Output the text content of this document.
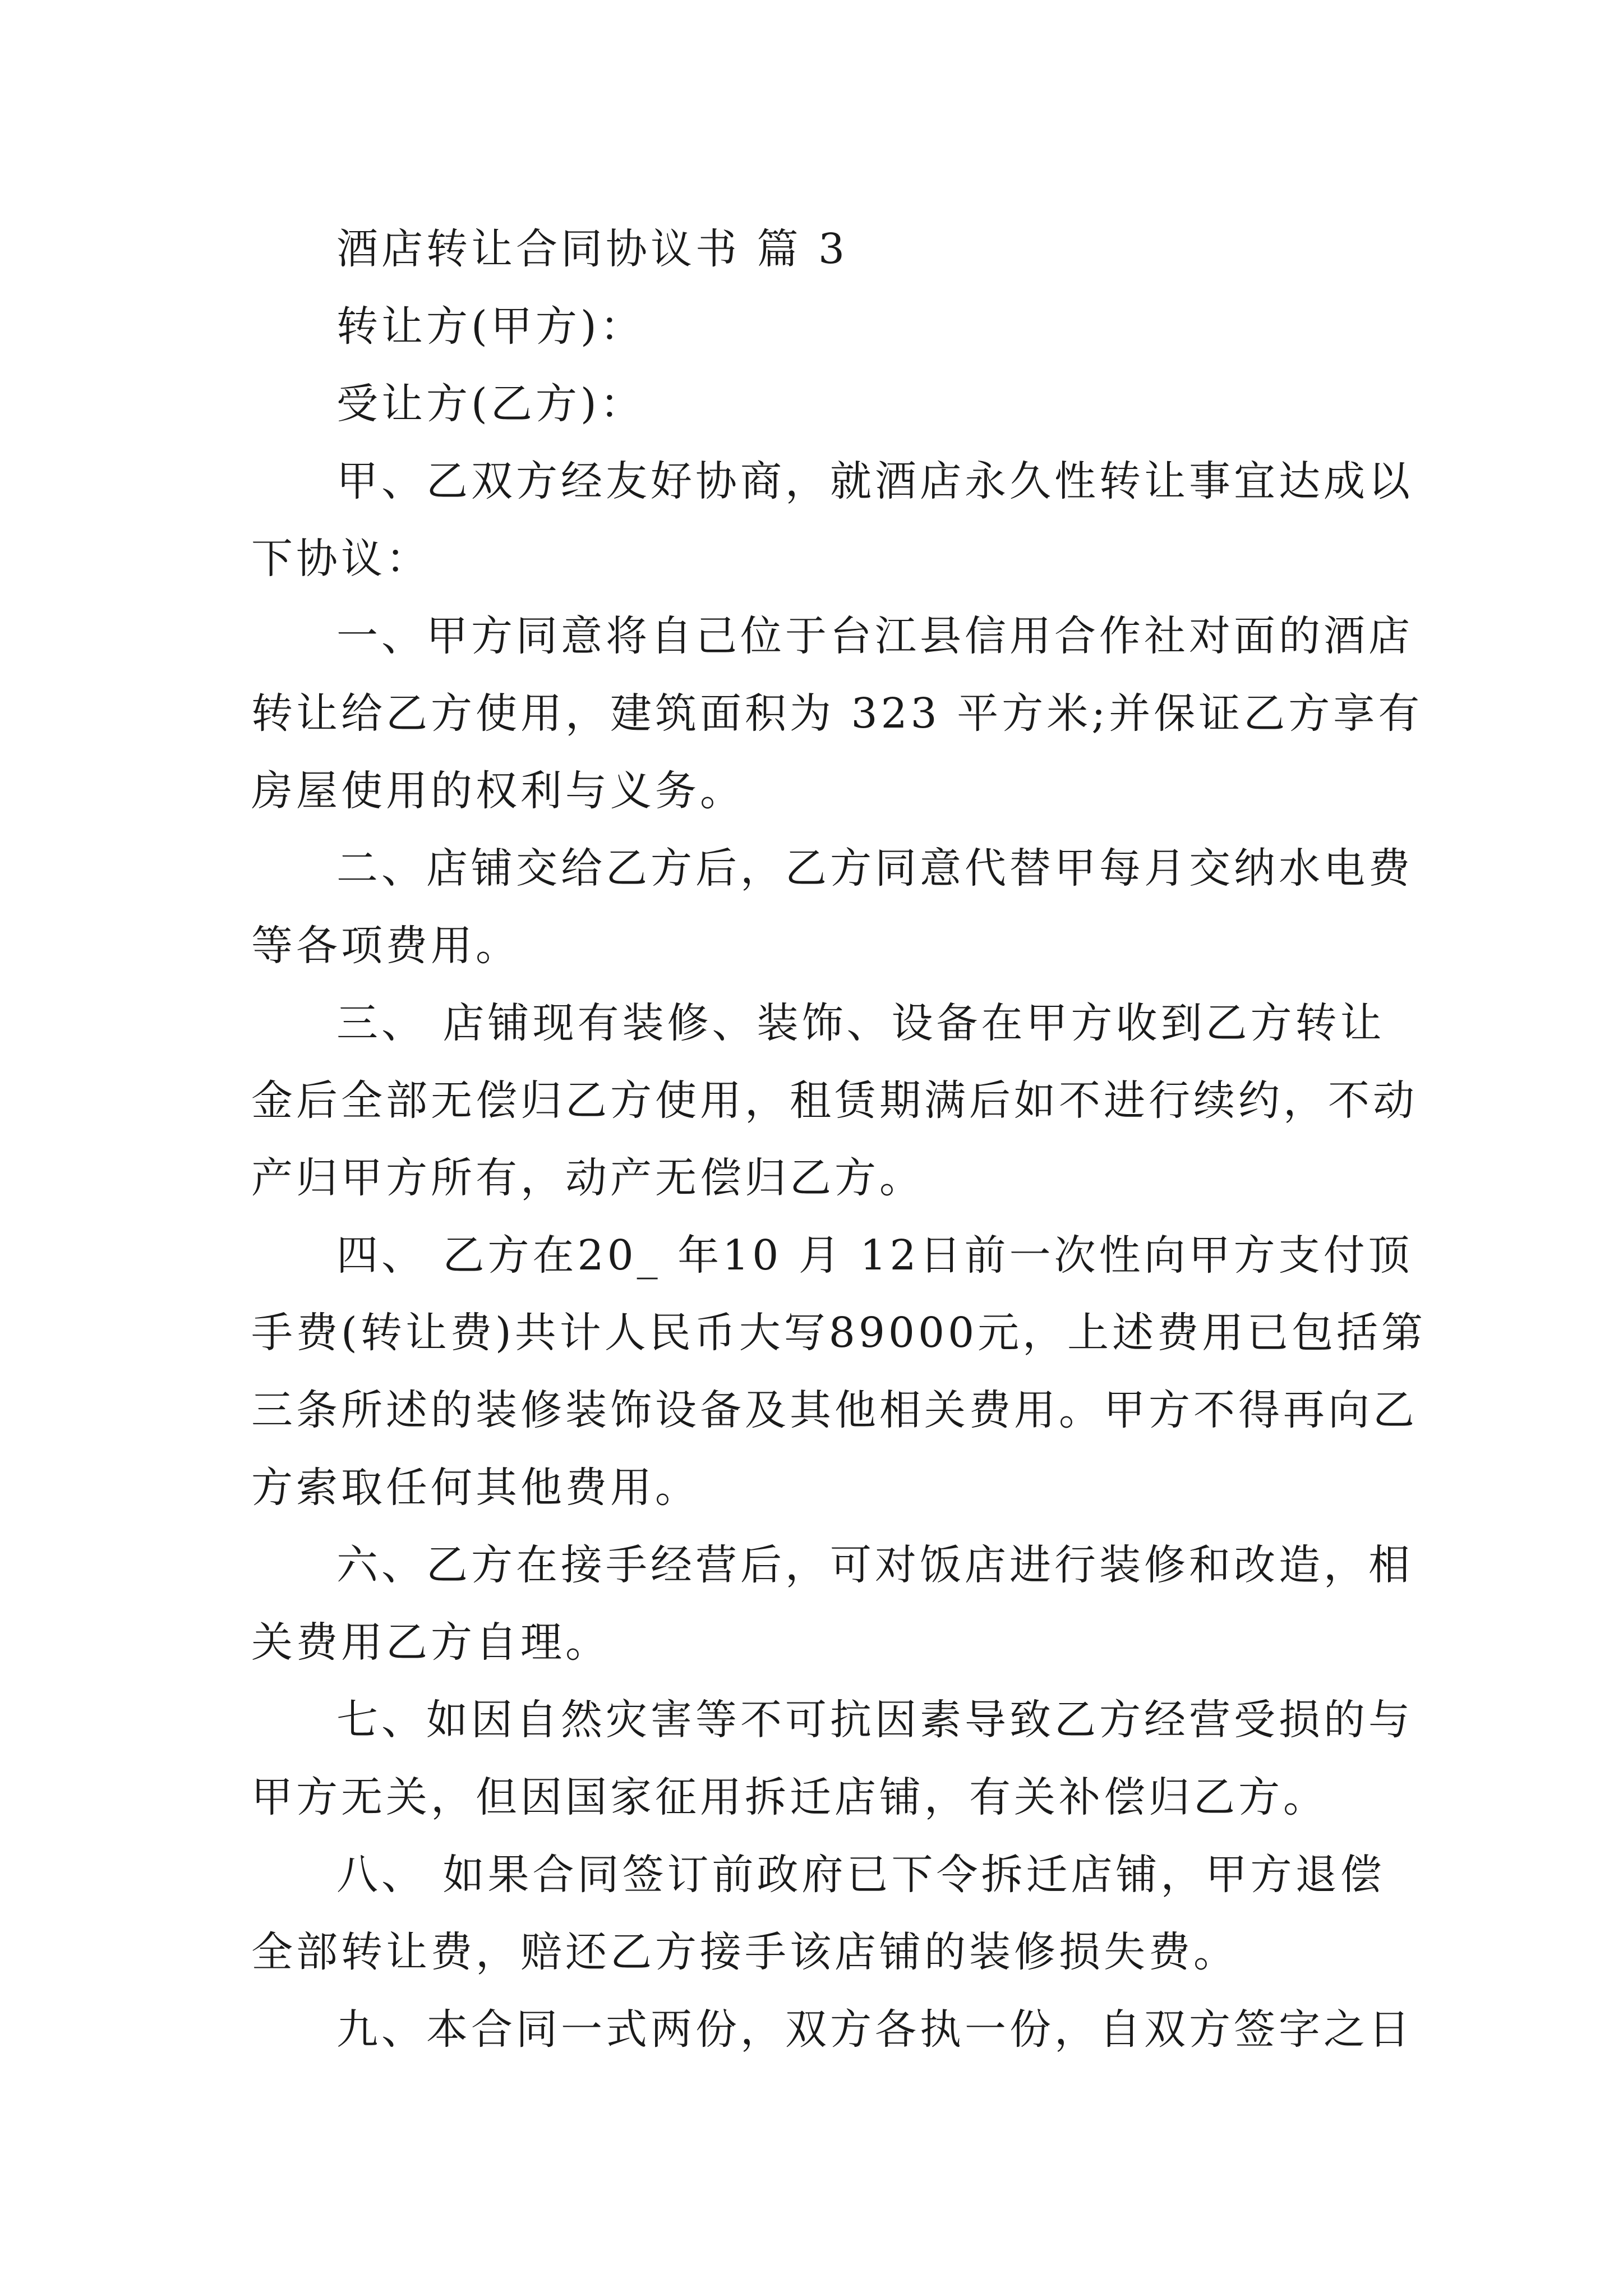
酒店转让合同协议书 篇 3
转让方(甲方)：
受让方(乙方)：
甲、乙双方经友好协商，就酒店永久性转让事宜达成以
下协议：
一、甲方同意将自己位于台江县信用合作社对面的酒店
转让给乙方使用，建筑面积为 323 平方米;并保证乙方享有
房屋使用的权利与义务。
二、店铺交给乙方后，乙方同意代替甲每月交纳水电费
等各项费用。
三、 店铺现有装修、装饰、设备在甲方收到乙方转让
金后全部无偿归乙方使用，租赁期满后如不进行续约，不动
产归甲方所有，动产无偿归乙方。
四、 乙方在20_ 年10 月 12日前一次性向甲方支付顶
手费(转让费)共计人民币大写89000元，上述费用已包括第
三条所述的装修装饰设备及其他相关费用。甲方不得再向乙
方索取任何其他费用。
六、乙方在接手经营后，可对饭店进行装修和改造，相
关费用乙方自理。
七、如因自然灾害等不可抗因素导致乙方经营受损的与
甲方无关，但因国家征用拆迁店铺，有关补偿归乙方。
八、 如果合同签订前政府已下令拆迁店铺，甲方退偿
全部转让费，赔还乙方接手该店铺的装修损失费。
九、本合同一式两份，双方各执一份，自双方签字之日
